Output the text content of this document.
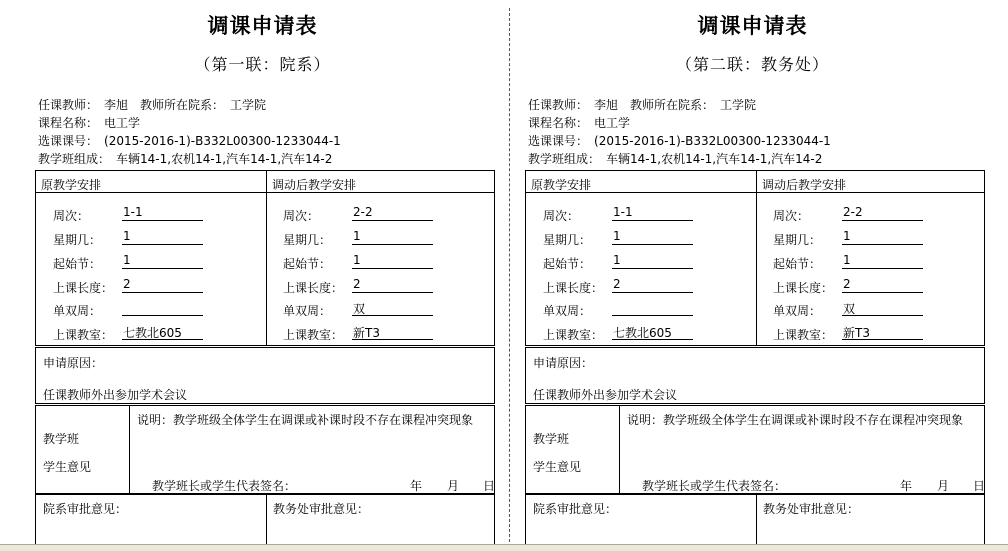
调课申请表
（第一联：院系）
任课教师： 李旭 教师所在院系： 工学院
课程名称： 电工学
选课课号： (2015-2016-1)-B332L00300-1233044-1
教学班组成： 车辆14-1,农机14-1,汽车14-1,汽车14-2
原教学安排	调动后教学安排
周次：	1-1
星期几： 1
起始节： 1
上课长度： 2
单双周：
上课教室： 七教北605
周次：	2-2
星期几： 1
起始节： 1
上课长度： 2
单双周： 双
上课教室： 新T3
申请原因：
任课教师外出参加学术会议
教学班
学生意见
说明：教学班级全体学生在调课或补课时段不存在课程冲突现象
教学班长或学生代表签名：	年 月 日
院系审批意见：	教务处审批意见：
调课申请表
（第二联：教务处）
任课教师： 李旭 教师所在院系： 工学院
课程名称： 电工学
选课课号： (2015-2016-1)-B332L00300-1233044-1
教学班组成： 车辆14-1,农机14-1,汽车14-1,汽车14-2
原教学安排	调动后教学安排
周次：	1-1
星期几： 1
起始节： 1
上课长度： 2
单双周：
上课教室： 七教北605
周次：	2-2
星期几： 1
起始节： 1
上课长度： 2
单双周： 双
上课教室： 新T3
申请原因：
任课教师外出参加学术会议
教学班
学生意见
说明：教学班级全体学生在调课或补课时段不存在课程冲突现象
教学班长或学生代表签名：	年 月 日
院系审批意见：	教务处审批意见：
